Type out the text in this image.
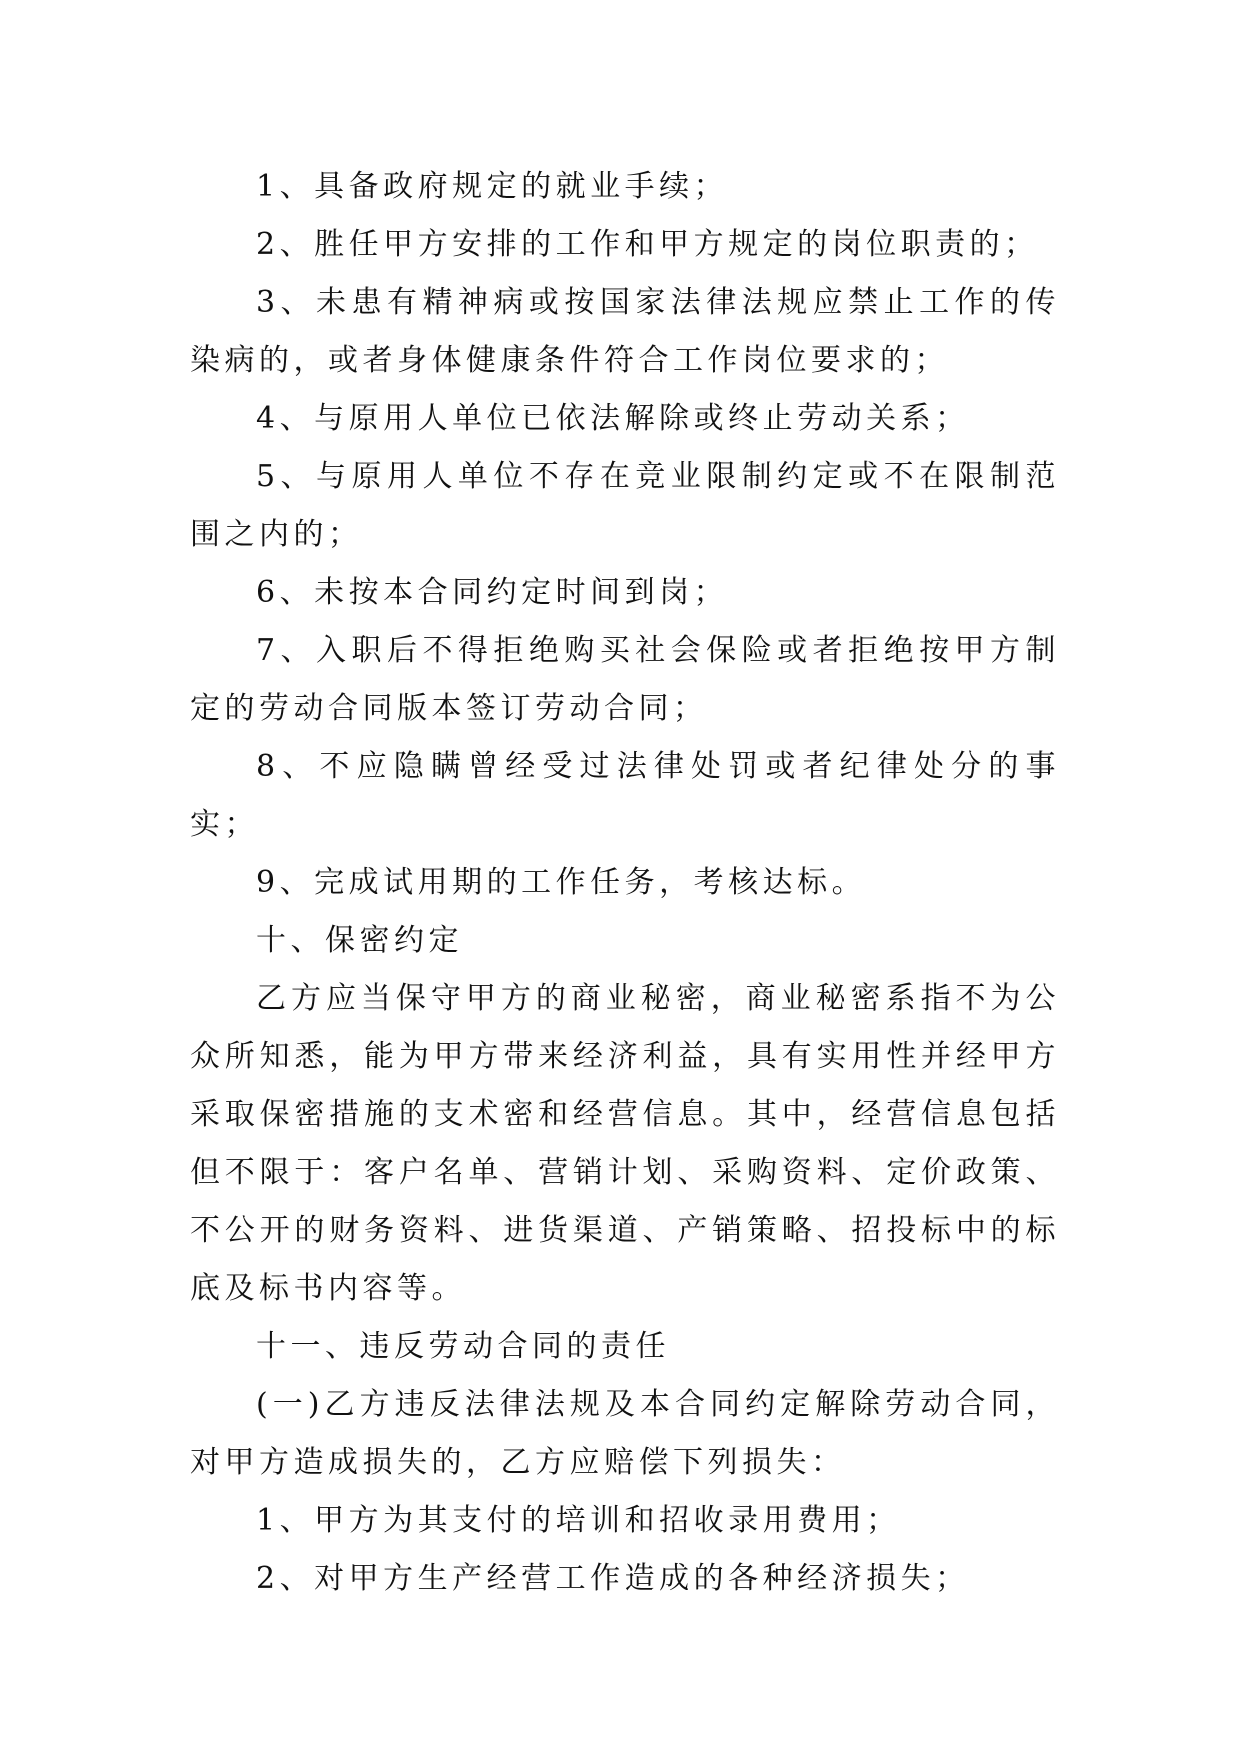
1、具备政府规定的就业手续；

2、胜任甲方安排的工作和甲方规定的岗位职责的；

3、未患有精神病或按国家法律法规应禁止工作的传染病的，或者身体健康条件符合工作岗位要求的；

4、与原用人单位已依法解除或终止劳动关系；

5、与原用人单位不存在竞业限制约定或不在限制范围之内的；

6、未按本合同约定时间到岗；

7、入职后不得拒绝购买社会保险或者拒绝按甲方制定的劳动合同版本签订劳动合同；

8、不应隐瞒曾经受过法律处罚或者纪律处分的事实；

9、完成试用期的工作任务，考核达标。

十、保密约定

乙方应当保守甲方的商业秘密，商业秘密系指不为公众所知悉，能为甲方带来经济利益，具有实用性并经甲方采取保密措施的支术密和经营信息。其中，经营信息包括但不限于：客户名单、营销计划、采购资料、定价政策、不公开的财务资料、进货渠道、产销策略、招投标中的标底及标书内容等。

十一、违反劳动合同的责任

(一)乙方违反法律法规及本合同约定解除劳动合同，对甲方造成损失的，乙方应赔偿下列损失：

1、甲方为其支付的培训和招收录用费用；

2、对甲方生产经营工作造成的各种经济损失；
